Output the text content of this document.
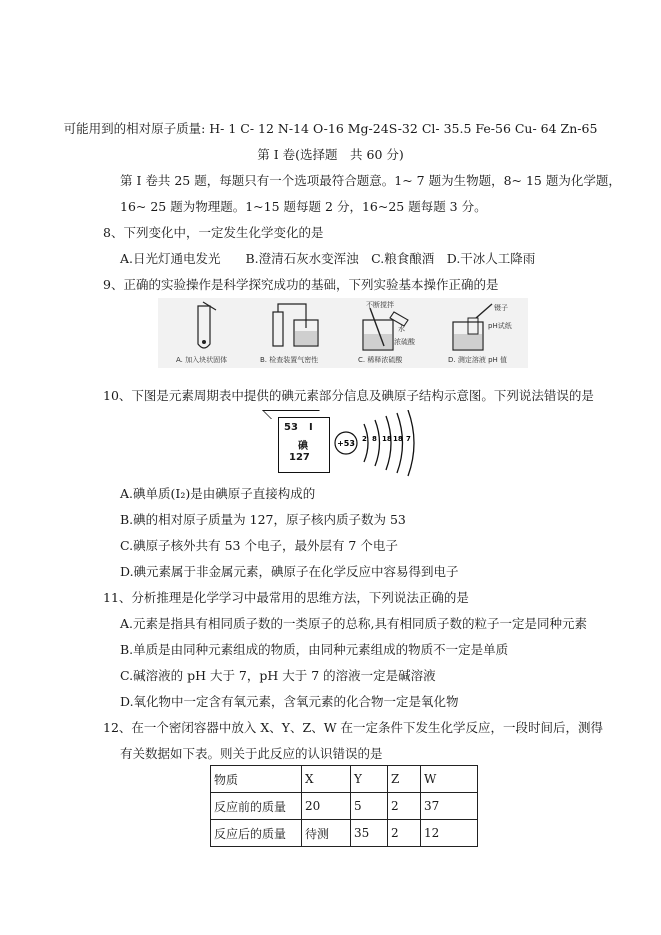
可能用到的相对原子质量: H- 1 C- 12 N-14 O-16 Mg-24S-32 Cl- 35.5 Fe-56 Cu- 64 Zn-65
第 I 卷(选择题　共 60 分)
第 I 卷共 25 题，每题只有一个选项最符合题意。1~ 7 题为生物题，8~ 15 题为化学题，
16~ 25 题为物理题。1~15 题每题 2 分，16~25 题每题 3 分。
8、下列变化中，一定发生化学变化的是
A.日光灯通电发光　　B.澄清石灰水变浑浊　C.粮食酿酒　D.干冰人工降雨
9、正确的实验操作是科学探究成功的基础，下列实验基本操作正确的是
A. 加入块状固体	B. 检查装置气密性
不断搅拌
水
浓硫酸
C. 稀释浓硫酸
镊子
pH试纸
D. 测定溶液 pH 值
10、下图是元素周期表中提供的碘元素部分信息及碘原子结构示意图。下列说法错误的是
53 I
碘
127
+53 2 8 18 18 7
A.碘单质(I₂)是由碘原子直接构成的
B.碘的相对原子质量为 127，原子核内质子数为 53
C.碘原子核外共有 53 个电子，最外层有 7 个电子
D.碘元素属于非金属元素，碘原子在化学反应中容易得到电子
11、分析推理是化学学习中最常用的思维方法，下列说法正确的是
A.元素是指具有相同质子数的一类原子的总称,具有相同质子数的粒子一定是同种元素
B.单质是由同种元素组成的物质，由同种元素组成的物质不一定是单质
C.碱溶液的 pH 大于 7，pH 大于 7 的溶液一定是碱溶液
D.氧化物中一定含有氧元素，含氧元素的化合物一定是氧化物
12、在一个密闭容器中放入 X、Y、Z、W 在一定条件下发生化学反应，一段时间后，测得
有关数据如下表。则关于此反应的认识错误的是
物质	X	Y	Z	W
反应前的质量	20	5	2	37
反应后的质量	待测	35	2	12
